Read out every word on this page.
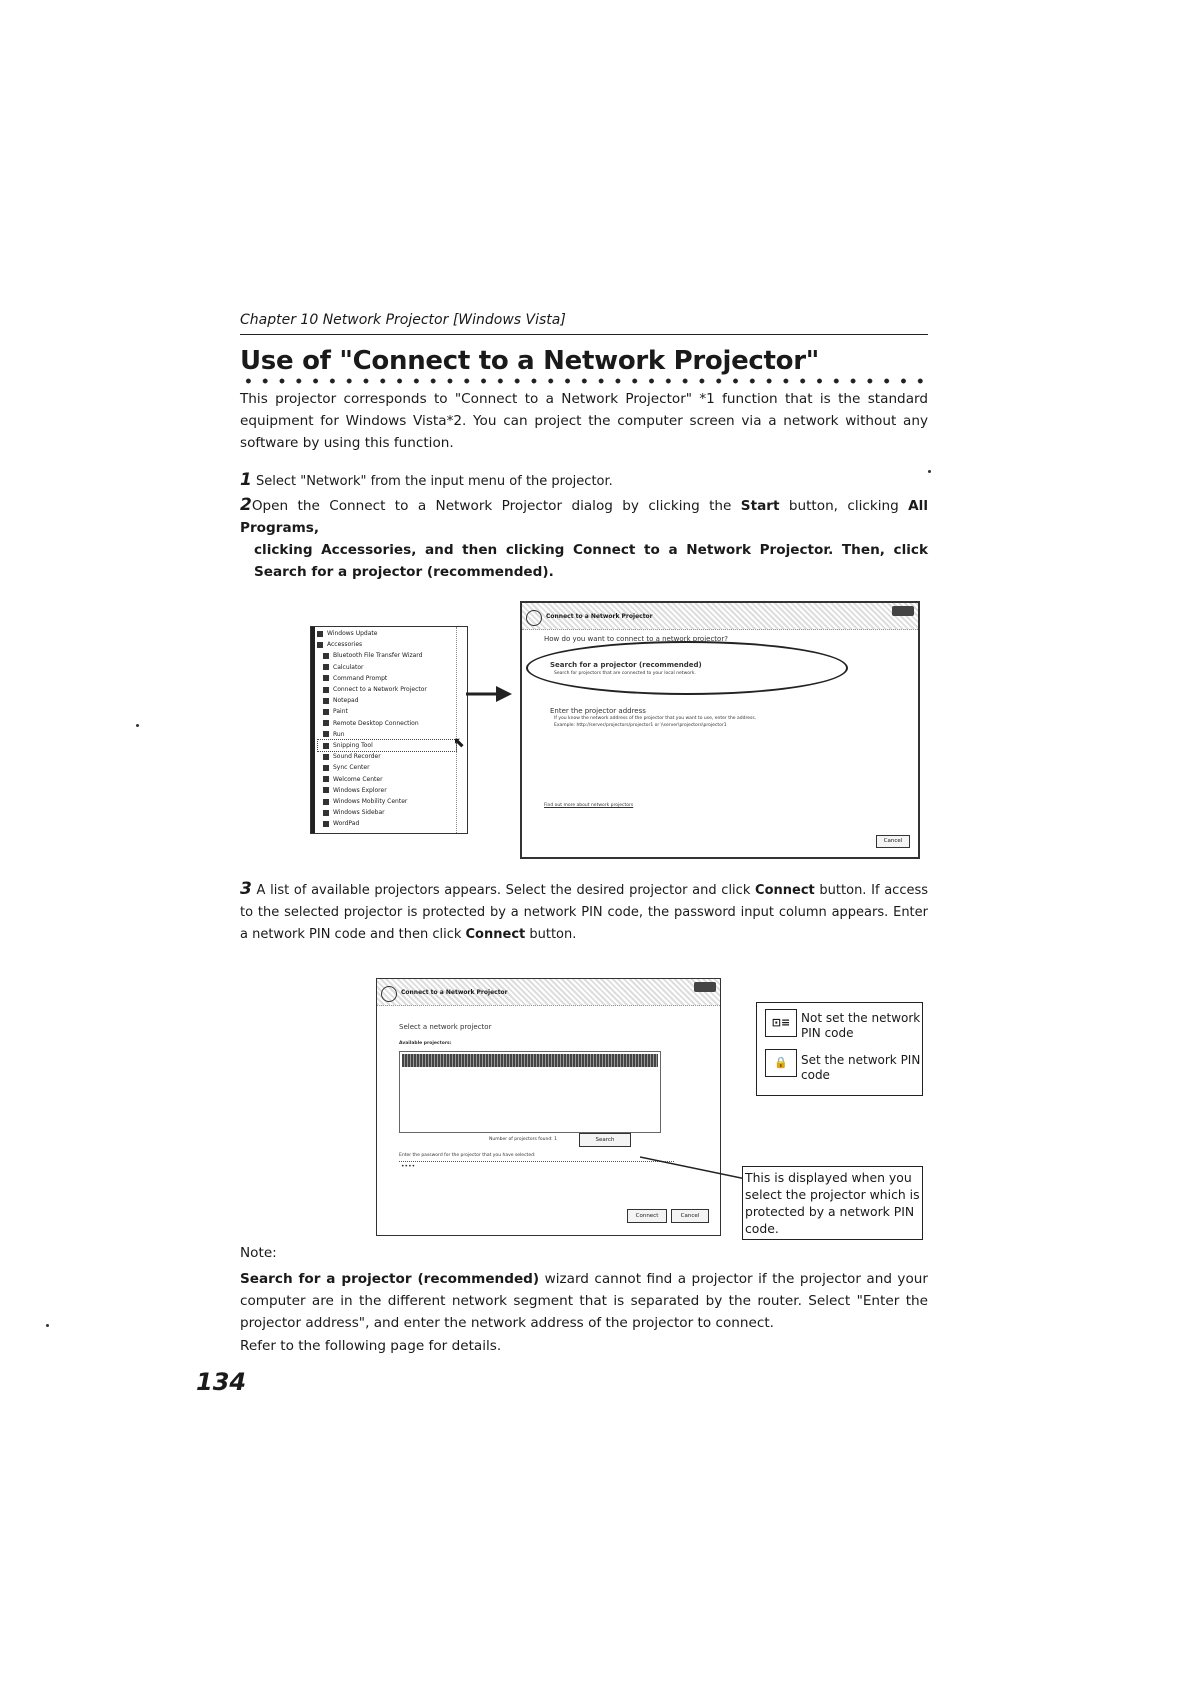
Chapter 10 Network Projector [Windows Vista]
Use of "Connect to a Network Projector"
This projector corresponds to "Connect to a Network Projector" *1 function that is the standard equipment for Windows Vista*2. You can project the computer screen via a network without any software by using this function.
1 Select "Network" from the input menu of the projector.
2Open the Connect to a Network Projector dialog by clicking the Start button, clicking All Programs,
clicking Accessories, and then clicking Connect to a Network Projector. Then, click Search for a projector (recommended).
⬉
Windows Update
Accessories
Bluetooth File Transfer Wizard
Calculator
Command Prompt
Connect to a Network Projector
Notepad
Paint
Remote Desktop Connection
Run
Snipping Tool
Sound Recorder
Sync Center
Welcome Center
Windows Explorer
Windows Mobility Center
Windows Sidebar
WordPad
Connect to a Network Projector
How do you want to connect to a network projector?
Search for a projector (recommended)
Search for projectors that are connected to your local network.
Enter the projector address
If you know the network address of the projector that you want to use, enter the address.
Example: http://server/projectors/projector1 or \\server\projectors\projector1
Find out more about network projectors
Cancel
3 A list of available projectors appears. Select the desired projector and click Connect button. If access to the selected projector is protected by a network PIN code, the password input column appears. Enter a network PIN code and then click Connect button.
Connect to a Network Projector
Select a network projector
Available projectors:
Number of projectors found: 1	Search
Enter the password for the projector that you have selected:
••••
Connect	Cancel
⊡≡ Not set the network PIN code
🔒	Set the network PIN code
This is displayed when you select the projector which is protected by a network PIN code.
Note:
Search for a projector (recommended) wizard cannot find a projector if the projector and your computer are in the different network segment that is separated by the router. Select "Enter the projector address", and enter the network address of the projector to connect.
Refer to the following page for details.
134
